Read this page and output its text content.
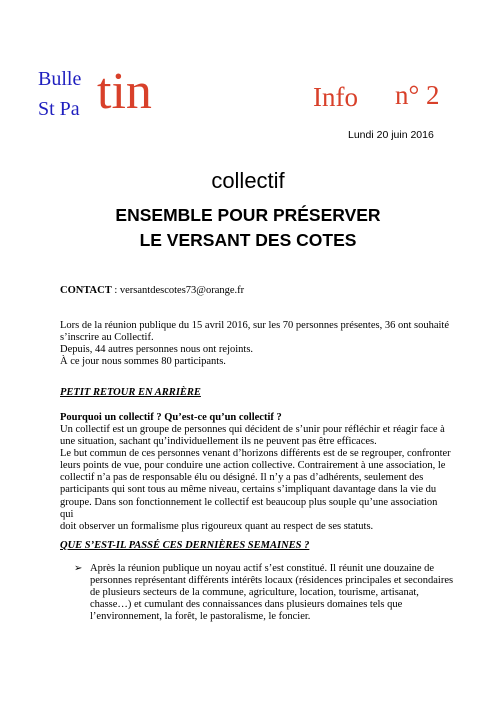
Bulle
St Pa tin	Info n° 2
Lundi 20 juin 2016
collectif
ENSEMBLE POUR PRÉSERVER
LE VERSANT DES COTES
CONTACT : versantdescotes73@orange.fr

Lors de la réunion publique du 15 avril 2016, sur les 70 personnes présentes, 36 ont souhaité

s’inscrire au Collectif.

Depuis, 44 autres personnes nous ont rejoints.

À ce jour nous sommes 80 participants.

PETIT RETOUR EN ARRIÈRE
Pourquoi un collectif ? Qu’est-ce qu’un collectif ?

Un collectif est un groupe de personnes qui décident de s’unir pour réfléchir et réagir face à

une situation, sachant qu’individuellement ils ne peuvent pas être efficaces.

Le but commun de ces personnes venant d’horizons différents est de se regrouper, confronter

leurs points de vue, pour conduire une action collective. Contrairement à une association, le

collectif n’a pas de responsable élu ou désigné. Il n’y a pas d’adhérents, seulement des

participants qui sont tous au même niveau, certains s’impliquant davantage dans la vie du

groupe. Dans son fonctionnement le collectif est beaucoup plus souple qu’une association qui

doit observer un formalisme plus rigoureux quant au respect de ses statuts.

QUE S’EST-IL PASSÉ CES DERNIÈRES SEMAINES ?
➢ Après la réunion publique un noyau actif s’est constitué. Il réunit une douzaine de
personnes représentant différents intérêts locaux (résidences principales et secondaires
de plusieurs secteurs de la commune, agriculture, location, tourisme, artisanat,
chasse…) et cumulant des connaissances dans plusieurs domaines tels que
l’environnement, la forêt, le pastoralisme, le foncier.
